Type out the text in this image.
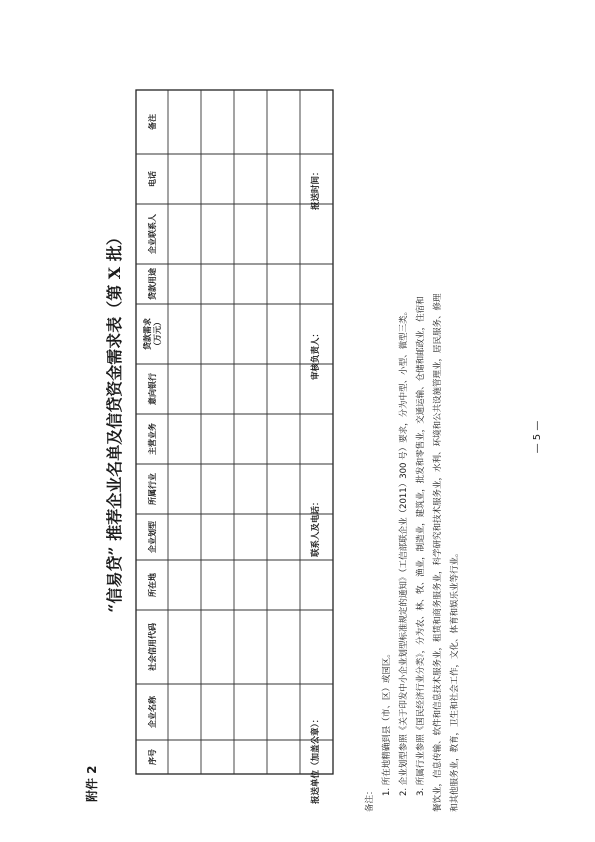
— 5 —
附件 2
“信易贷” 推荐企业名单及信贷资金需求表（第 X 批）
序号
企业名称
社会信用代码
所在地
企业划型
所属行业
主营业务
意向银行
贷款需求（万元）
贷款用途
企业联系人
电话
备注
报送单位（加盖公章）：
联系人及电话：
审核负责人：
报送时间：
备注：
1. 所在地精确到县（市、区）或园区。 2. 企业划型参照《关于印发中小企业划型标准规定的通知》（工信部联企业（2011）300 号）要求，分为中型、小型、微型三类。 3. 所属行业参照《国民经济行业分类》，分为农、林、牧、渔业，制造业，建筑业，批发和零售业，交通运输、仓储和邮政业，住宿和 餐饮业，信息传输、软件和信息技术服务业，租赁和商务服务业，科学研究和技术服务业，水利、环境和公共设施管理业，居民服务、修理 和其他服务业，教育，卫生和社会工作，文化、体育和娱乐业等行业。
